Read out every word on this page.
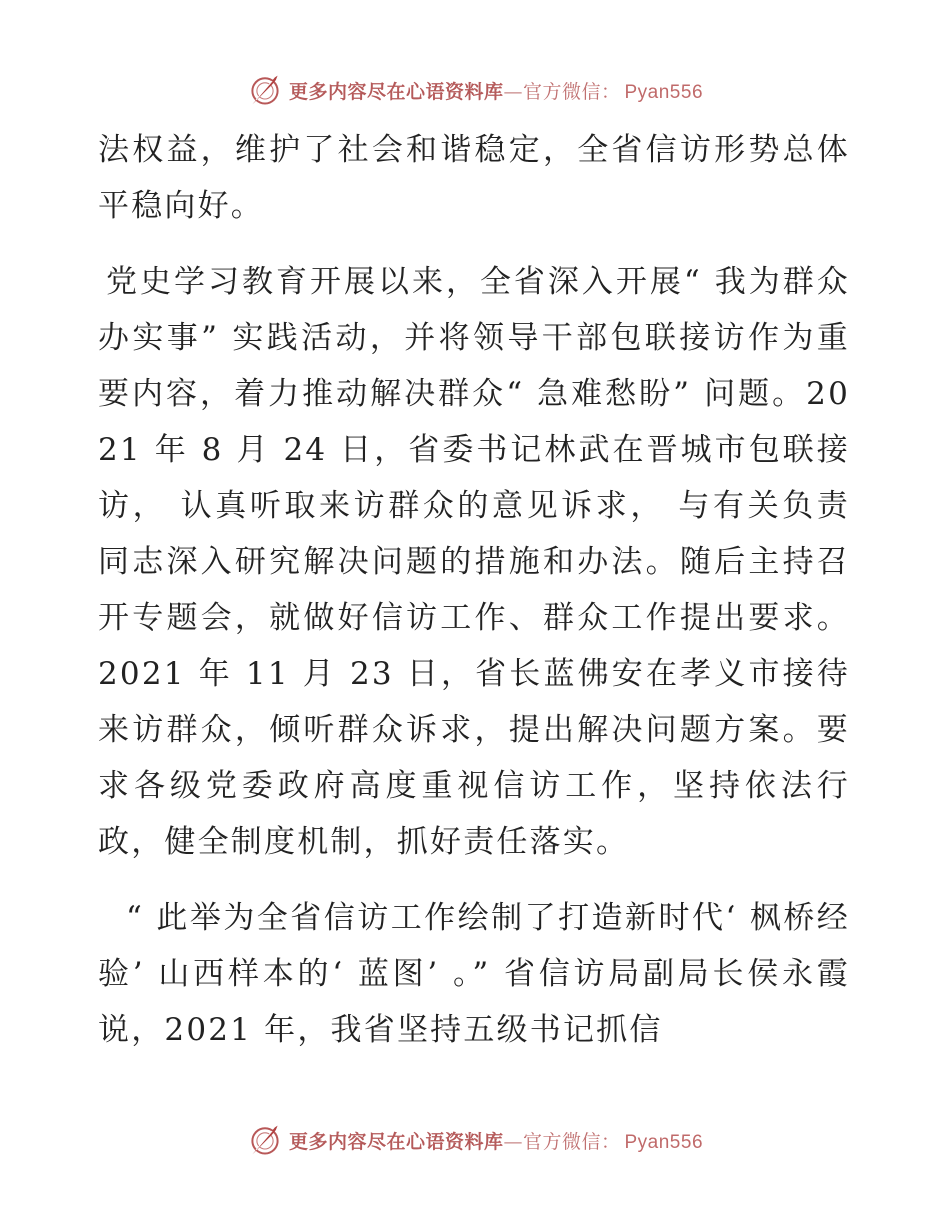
更多内容尽在心语资料库—官方微信： Pyan556

法权益，维护了社会和谐稳定，全省信访形势总体平稳向好。

党史学习教育开展以来，全省深入开展“ 我为群众办实事” 实践活动，并将领导干部包联接访作为重要内容，着力推动解决群众“ 急难愁盼” 问题。2021 年 8 月 24 日，省委书记林武在晋城市包联接访， 认真听取来访群众的意见诉求， 与有关负责同志深入研究解决问题的措施和办法。随后主持召开专题会，就做好信访工作、群众工作提出要求。2021 年 11 月 23 日，省长蓝佛安在孝义市接待来访群众，倾听群众诉求，提出解决问题方案。要求各级党委政府高度重视信访工作，坚持依法行政，健全制度机制，抓好责任落实。

“ 此举为全省信访工作绘制了打造新时代‘ 枫桥经验’ 山西样本的‘ 蓝图’ 。” 省信访局副局长侯永霞说，2021 年，我省坚持五级书记抓信

更多内容尽在心语资料库—官方微信： Pyan556
